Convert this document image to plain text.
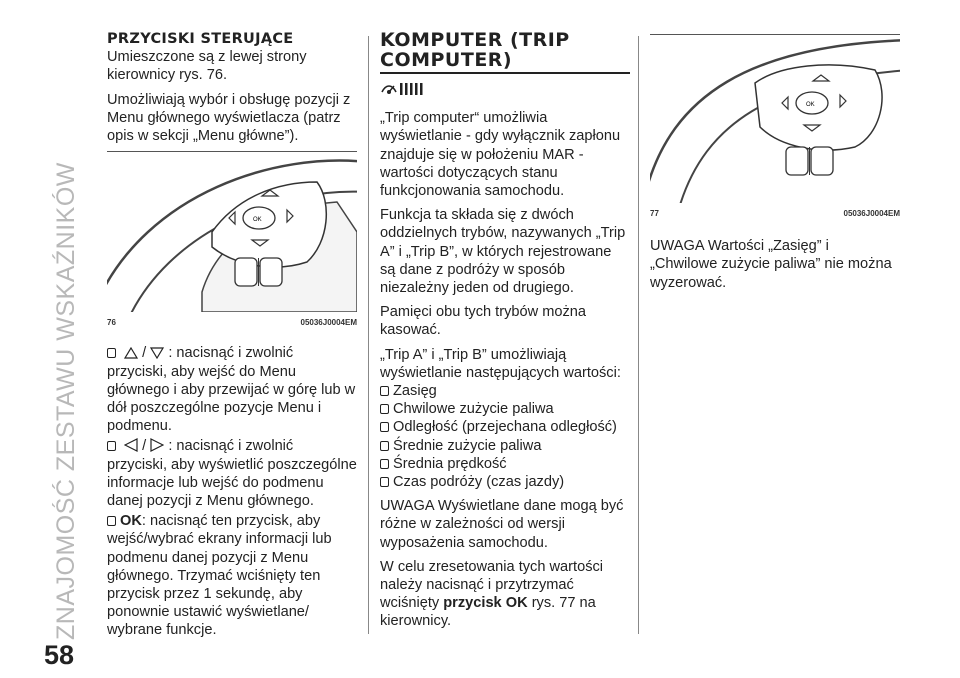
ZNAJOMOŚĆ ZESTAWU WSKAŹNIKÓW
58
PRZYCISKI STERUJĄCE

Umieszczone są z lewej strony kierownicy rys. 76.

Umożliwiają wybór i obsługę pozycji z Menu głównego wyświetlacza (patrz opis w sekcji „Menu główne”).

OK
76	05036J0004EM

/ : nacisnąć i zwolnić przyciski, aby wejść do Menu głównego i aby przewijać w górę lub w dół poszczególne pozycje Menu i podmenu.

/ : nacisnąć i zwolnić przyciski, aby wyświetlić poszczególne informacje lub wejść do podmenu danej pozycji z Menu głównego.

OK: nacisnąć ten przycisk, aby wejść/wybrać ekrany informacji lub podmenu danej pozycji z Menu głównego. Trzymać wciśnięty ten przycisk przez 1 sekundę, aby ponownie ustawić wyświetlane/ wybrane funkcje.

KOMPUTER (TRIP COMPUTER)

„Trip computer“ umożliwia wyświetlanie - gdy wyłącznik zapłonu znajduje się w położeniu MAR - wartości dotyczących stanu funkcjonowania samochodu.

Funkcja ta składa się z dwóch oddzielnych trybów, nazywanych „Trip A” i „Trip B”, w których rejestrowane są dane z podróży w sposób niezależny jeden od drugiego.

Pamięci obu tych trybów można kasować.

„Trip A” i „Trip B” umożliwiają wyświetlanie następujących wartości:

Zasięg
Chwilowe zużycie paliwa
Odległość (przejechana odległość)
Średnie zużycie paliwa
Średnia prędkość
Czas podróży (czas jazdy)

UWAGA Wyświetlane dane mogą być różne w zależności od wersji wyposażenia samochodu.

W celu zresetowania tych wartości należy nacisnąć i przytrzymać wciśnięty przycisk OK rys. 77 na kierownicy.

OK
77	05036J0004EM

UWAGA Wartości „Zasięg” i „Chwilowe zużycie paliwa” nie można wyzerować.
